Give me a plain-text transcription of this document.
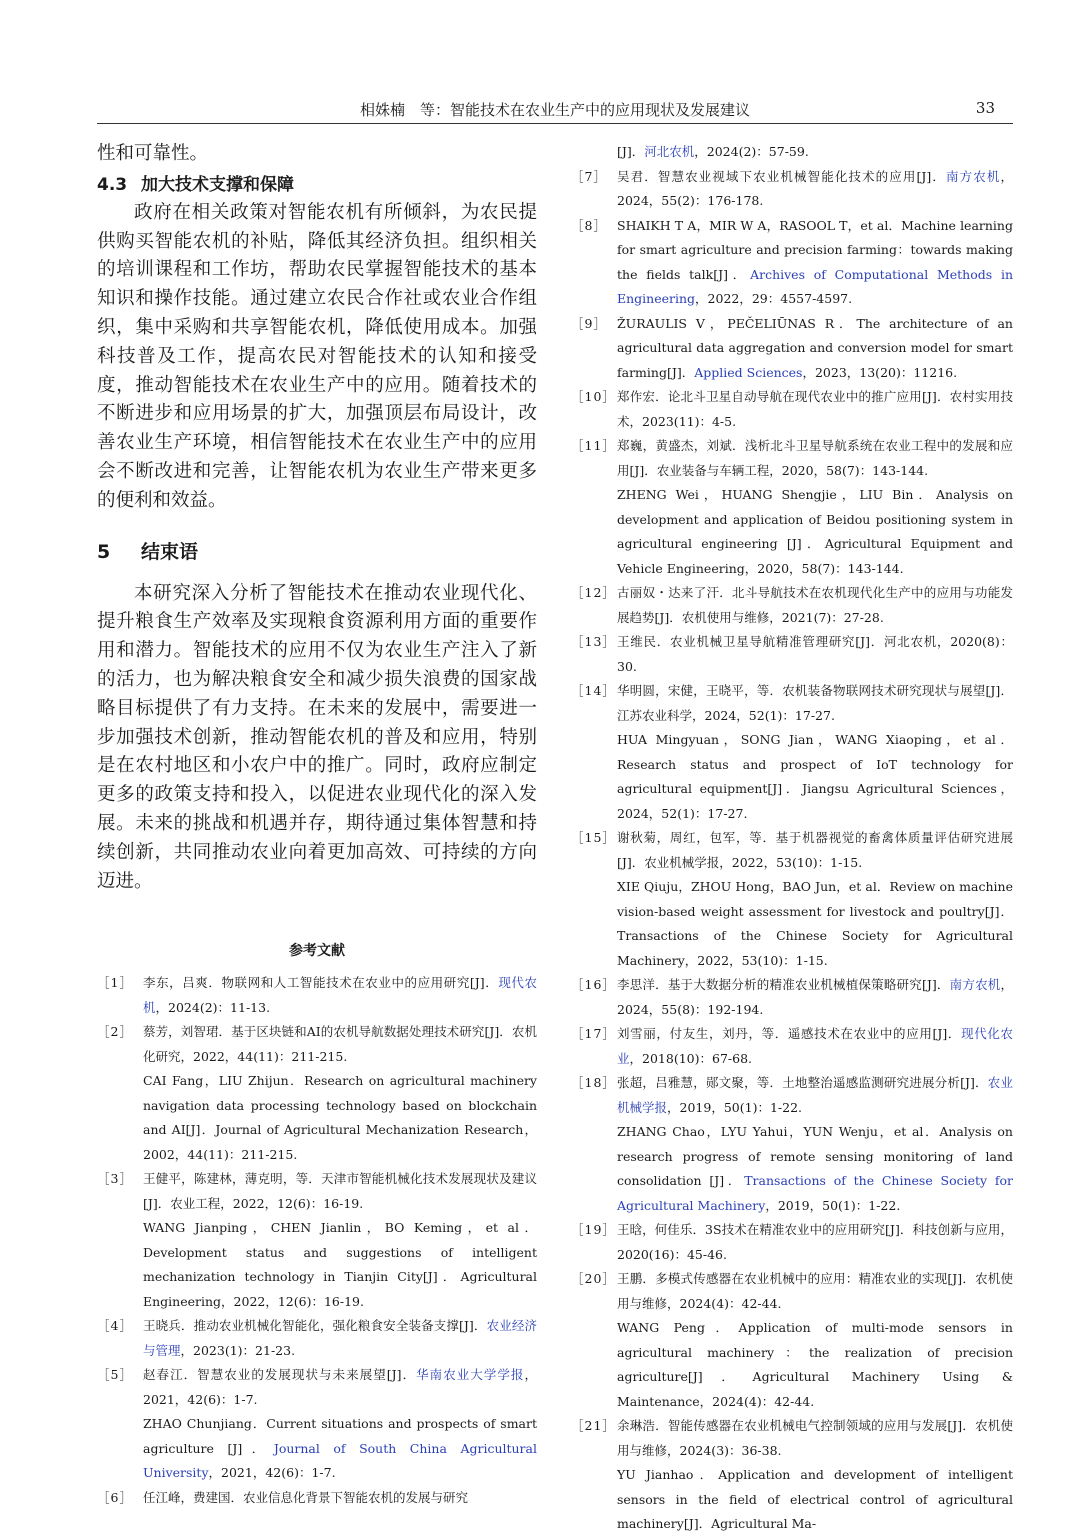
相姝楠　等：智能技术在农业生产中的应用现状及发展建议	33

性和可靠性。

4.3 加大技术支撑和保障

政府在相关政策对智能农机有所倾斜，为农民提供购买智能农机的补贴，降低其经济负担。组织相关的培训课程和工作坊，帮助农民掌握智能技术的基本知识和操作技能。通过建立农民合作社或农业合作组织，集中采购和共享智能农机，降低使用成本。加强科技普及工作，提高农民对智能技术的认知和接受度，推动智能技术在农业生产中的应用。随着技术的不断进步和应用场景的扩大，加强顶层布局设计，改善农业生产环境，相信智能技术在农业生产中的应用会不断改进和完善，让智能农机为农业生产带来更多的便利和效益。

5 结束语

本研究深入分析了智能技术在推动农业现代化、提升粮食生产效率及实现粮食资源利用方面的重要作用和潜力。智能技术的应用不仅为农业生产注入了新的活力，也为解决粮食安全和减少损失浪费的国家战略目标提供了有力支持。在未来的发展中，需要进一步加强技术创新，推动智能农机的普及和应用，特别是在农村地区和小农户中的推广。同时，政府应制定更多的政策支持和投入，以促进农业现代化的深入发展。未来的挑战和机遇并存，期待通过集体智慧和持续创新，共同推动农业向着更加高效、可持续的方向迈进。

参考文献
［1］ 李东，吕爽．物联网和人工智能技术在农业中的应用研究[J]．现代农机，2024(2)：11-13.
［2］ 蔡芳，刘智珺．基于区块链和AI的农机导航数据处理技术研究[J]．农机化研究，2022，44(11)：211-215.
CAI Fang，LIU Zhijun．Research on agricultural machinery navigation data processing technology based on blockchain and AI[J]．Journal of Agricultural Mechanization Research，2002，44(11)：211-215.
［3］ 王健平，陈建林，薄克明，等．天津市智能机械化技术发展现状及建议[J]．农业工程，2022，12(6)：16-19.
WANG Jianping，CHEN Jianlin，BO Keming，et al．Development status and suggestions of intelligent mechanization technology in Tianjin City[J]．Agricultural Engineering，2022，12(6)：16-19.
［4］ 王晓兵．推动农业机械化智能化，强化粮食安全装备支撑[J]．农业经济与管理，2023(1)：21-23.
［5］ 赵春江．智慧农业的发展现状与未来展望[J]．华南农业大学学报，2021，42(6)：1-7.
ZHAO Chunjiang．Current situations and prospects of smart agriculture [J]．Journal of South China Agricultural University，2021，42(6)：1-7.
［6］ 任江峰，费建国．农业信息化背景下智能农机的发展与研究
[J]．河北农机，2024(2)：57-59.
［7］ 吴君．智慧农业视域下农业机械智能化技术的应用[J]．南方农机，2024，55(2)：176-178.
［8］ SHAIKH T A，MIR W A，RASOOL T，et al．Machine learning for smart agriculture and precision farming：towards making the fields talk[J]．Archives of Computational Methods in Engineering，2022，29：4557-4597.
［9］ ŽURAULIS V，PEČELIŪNAS R．The architecture of an agricultural data aggregation and conversion model for smart farming[J]．Applied Sciences，2023，13(20)：11216.
［10］ 郑作宏．论北斗卫星自动导航在现代农业中的推广应用[J]．农村实用技术，2023(11)：4-5.
［11］ 郑巍，黄盛杰，刘斌．浅析北斗卫星导航系统在农业工程中的发展和应用[J]．农业装备与车辆工程，2020，58(7)：143-144.
ZHENG Wei，HUANG Shengjie，LIU Bin．Analysis on development and application of Beidou positioning system in agricultural engineering [J]．Agricultural Equipment and Vehicle Engineering，2020，58(7)：143-144.
［12］ 古丽奴・达来了汗．北斗导航技术在农机现代化生产中的应用与功能发展趋势[J]．农机使用与维修，2021(7)：27-28.
［13］ 王维民．农业机械卫星导航精准管理研究[J]．河北农机，2020(8)：30.
［14］ 华明圆，宋健，王晓平，等．农机装备物联网技术研究现状与展望[J]．江苏农业科学，2024，52(1)：17-27.
HUA Mingyuan，SONG Jian，WANG Xiaoping，et al．Research status and prospect of IoT technology for agricultural equipment[J]．Jiangsu Agricultural Sciences，2024，52(1)：17-27.
［15］ 谢秋菊，周红，包军，等．基于机器视觉的畜禽体质量评估研究进展[J]．农业机械学报，2022，53(10)：1-15.
XIE Qiuju，ZHOU Hong，BAO Jun，et al．Review on machine vision-based weight assessment for livestock and poultry[J]．Transactions of the Chinese Society for Agricultural Machinery，2022，53(10)：1-15.
［16］ 李思洋．基于大数据分析的精准农业机械植保策略研究[J]．南方农机，2024，55(8)：192-194.
［17］ 刘雪丽，付友生，刘丹，等．遥感技术在农业中的应用[J]．现代化农业，2018(10)：67-68.
［18］ 张超，吕雅慧，郧文聚，等．土地整治遥感监测研究进展分析[J]．农业机械学报，2019，50(1)：1-22.
ZHANG Chao，LYU Yahui，YUN Wenju，et al．Analysis on research progress of remote sensing monitoring of land consolidation [J]．Transactions of the Chinese Society for Agricultural Machinery，2019，50(1)：1-22.
［19］ 王晗，何佳乐．3S技术在精准农业中的应用研究[J]．科技创新与应用，2020(16)：45-46.
［20］ 王鹏．多模式传感器在农业机械中的应用：精准农业的实现[J]．农机使用与维修，2024(4)：42-44.
WANG Peng．Application of multi-mode sensors in agricultural machinery：the realization of precision agriculture[J]．Agricultural Machinery Using & Maintenance，2024(4)：42-44.
［21］ 余琳浩．智能传感器在农业机械电气控制领域的应用与发展[J]．农机使用与维修，2024(3)：36-38.
YU Jianhao．Application and development of intelligent sensors in the field of electrical control of agricultural machinery[J]．Agricultural Ma-
